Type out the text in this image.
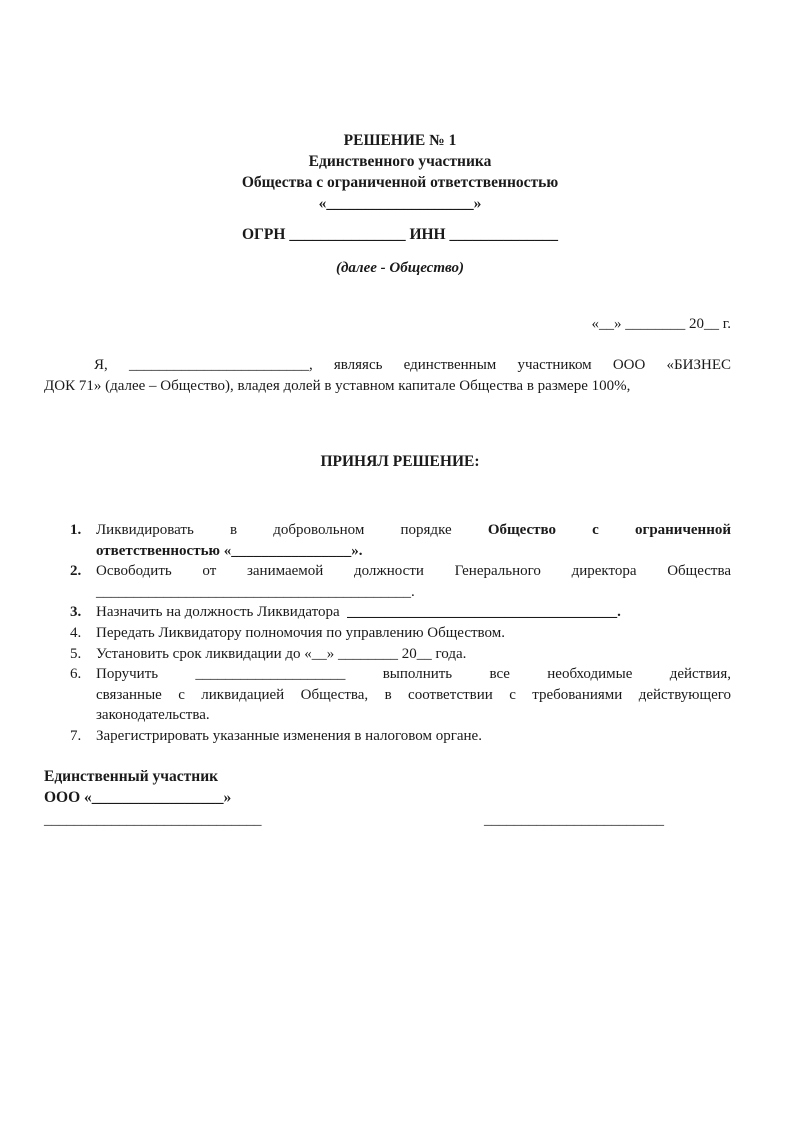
РЕШЕНИЕ № 1
Единственного участника
Общества с ограниченной ответственностью
«___________________»
ОГРН _______________ ИНН ______________
(далее - Общество)
«__» ________ 20__ г.

Я, ________________________, являясь единственным участником ООО «БИЗНЕС
ДОК 71» (далее – Общество), владея долей в уставном капитале Общества в размере 100%,

ПРИНЯЛ РЕШЕНИЕ:
1. Ликвидировать в добровольном порядке Общество с ограниченной
ответственностью «________________».
2. Освободить от занимаемой должности Генерального директора Общества
__________________________________________.
3. Назначить на должность Ликвидатора ____________________________________.
4. Передать Ликвидатору полномочия по управлению Обществом.
5. Установить срок ликвидации до «__» ________ 20__ года.
6. Поручить ____________________ выполнить все необходимые действия,
связанные с ликвидацией Общества, в соответствии с требованиями действующего
законодательства.
7. Зарегистрировать указанные изменения в налоговом органе.
Единственный участник
ООО «_________________»
_____________________________	________________________
